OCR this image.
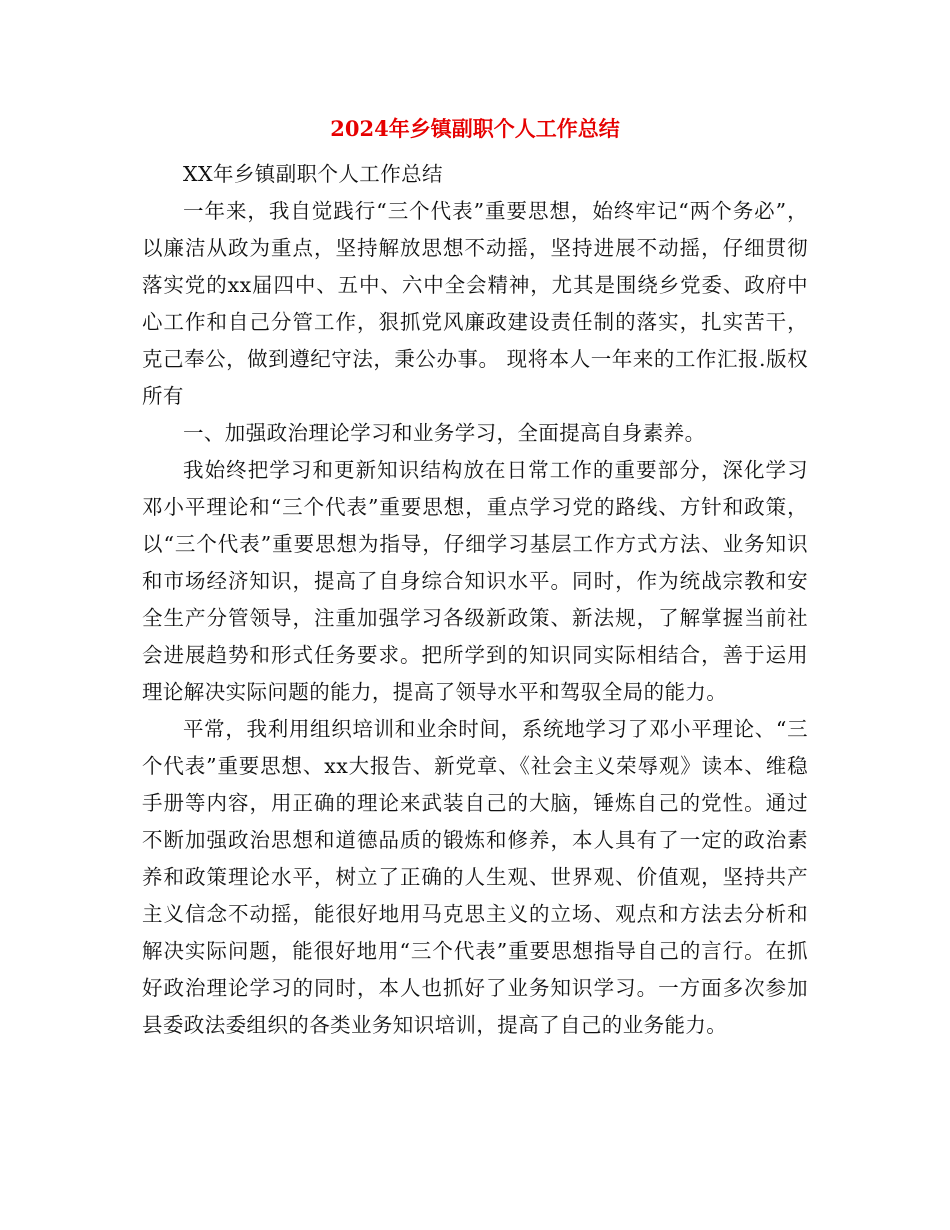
2024年乡镇副职个人工作总结

XX年乡镇副职个人工作总结

一年来，我自觉践行“三个代表”重要思想，始终牢记“两个务必”，以廉洁从政为重点，坚持解放思想不动摇，坚持进展不动摇，仔细贯彻落实党的xx届四中、五中、六中全会精神，尤其是围绕乡党委、政府中心工作和自己分管工作，狠抓党风廉政建设责任制的落实，扎实苦干，克己奉公，做到遵纪守法，秉公办事。 现将本人一年来的工作汇报.版权所有

一、加强政治理论学习和业务学习，全面提高自身素养。

我始终把学习和更新知识结构放在日常工作的重要部分，深化学习邓小平理论和“三个代表”重要思想，重点学习党的路线、方针和政策，以“三个代表”重要思想为指导，仔细学习基层工作方式方法、业务知识和市场经济知识，提高了自身综合知识水平。同时，作为统战宗教和安全生产分管领导，注重加强学习各级新政策、新法规，了解掌握当前社会进展趋势和形式任务要求。把所学到的知识同实际相结合，善于运用理论解决实际问题的能力，提高了领导水平和驾驭全局的能力。

平常，我利用组织培训和业余时间，系统地学习了邓小平理论、“三个代表”重要思想、xx大报告、新党章、《社会主义荣辱观》读本、维稳手册等内容，用正确的理论来武装自己的大脑，锤炼自己的党性。通过不断加强政治思想和道德品质的锻炼和修养，本人具有了一定的政治素养和政策理论水平，树立了正确的人生观、世界观、价值观，坚持共产主义信念不动摇，能很好地用马克思主义的立场、观点和方法去分析和解决实际问题，能很好地用“三个代表”重要思想指导自己的言行。在抓好政治理论学习的同时，本人也抓好了业务知识学习。一方面多次参加县委政法委组织的各类业务知识培训，提高了自己的业务能力。
